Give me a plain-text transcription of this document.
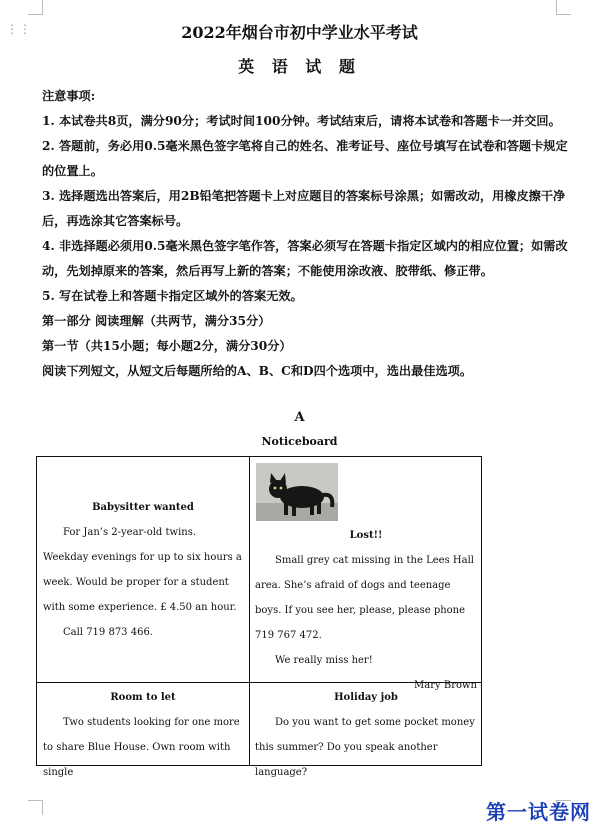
⋮⋮	2022年烟台市初中学业水平考试
英 语 试 题

注意事项:

1. 本试卷共8页，满分90分；考试时间100分钟。考试结束后，请将本试卷和答题卡一并交回。

2. 答题前，务必用0.5毫米黑色签字笔将自己的姓名、准考证号、座位号填写在试卷和答题卡规定的位置上。

3. 选择题选出答案后，用2B铅笔把答题卡上对应题目的答案标号涂黑；如需改动，用橡皮擦干净后，再选涂其它答案标号。

4. 非选择题必须用0.5毫米黑色签字笔作答，答案必须写在答题卡指定区域内的相应位置；如需改动，先划掉原来的答案，然后再写上新的答案；不能使用涂改液、胶带纸、修正带。

5. 写在试卷上和答题卡指定区域外的答案无效。

第一部分 阅读理解（共两节，满分35分）

第一节（共15小题；每小题2分，满分30分）

阅读下列短文，从短文后每题所给的A、B、C和D四个选项中，选出最佳选项。

A
Noticeboard
Babysitter wanted

For Jan’s 2-year-old twins. Weekday evenings for up to six hours a week. Would be proper for a student with some experience. £ 4.50 an hour.

Call 719 873 466.

Lost!!

Small grey cat missing in the Lees Hall area. She’s afraid of dogs and teenage boys. If you see her, please, please phone 719 767 472.

We really miss her!

Mary Brown

Room to let

Two students looking for one more to share Blue House. Own room with single

Holiday job

Do you want to get some pocket money this summer? Do you speak another language?

第一试卷网
